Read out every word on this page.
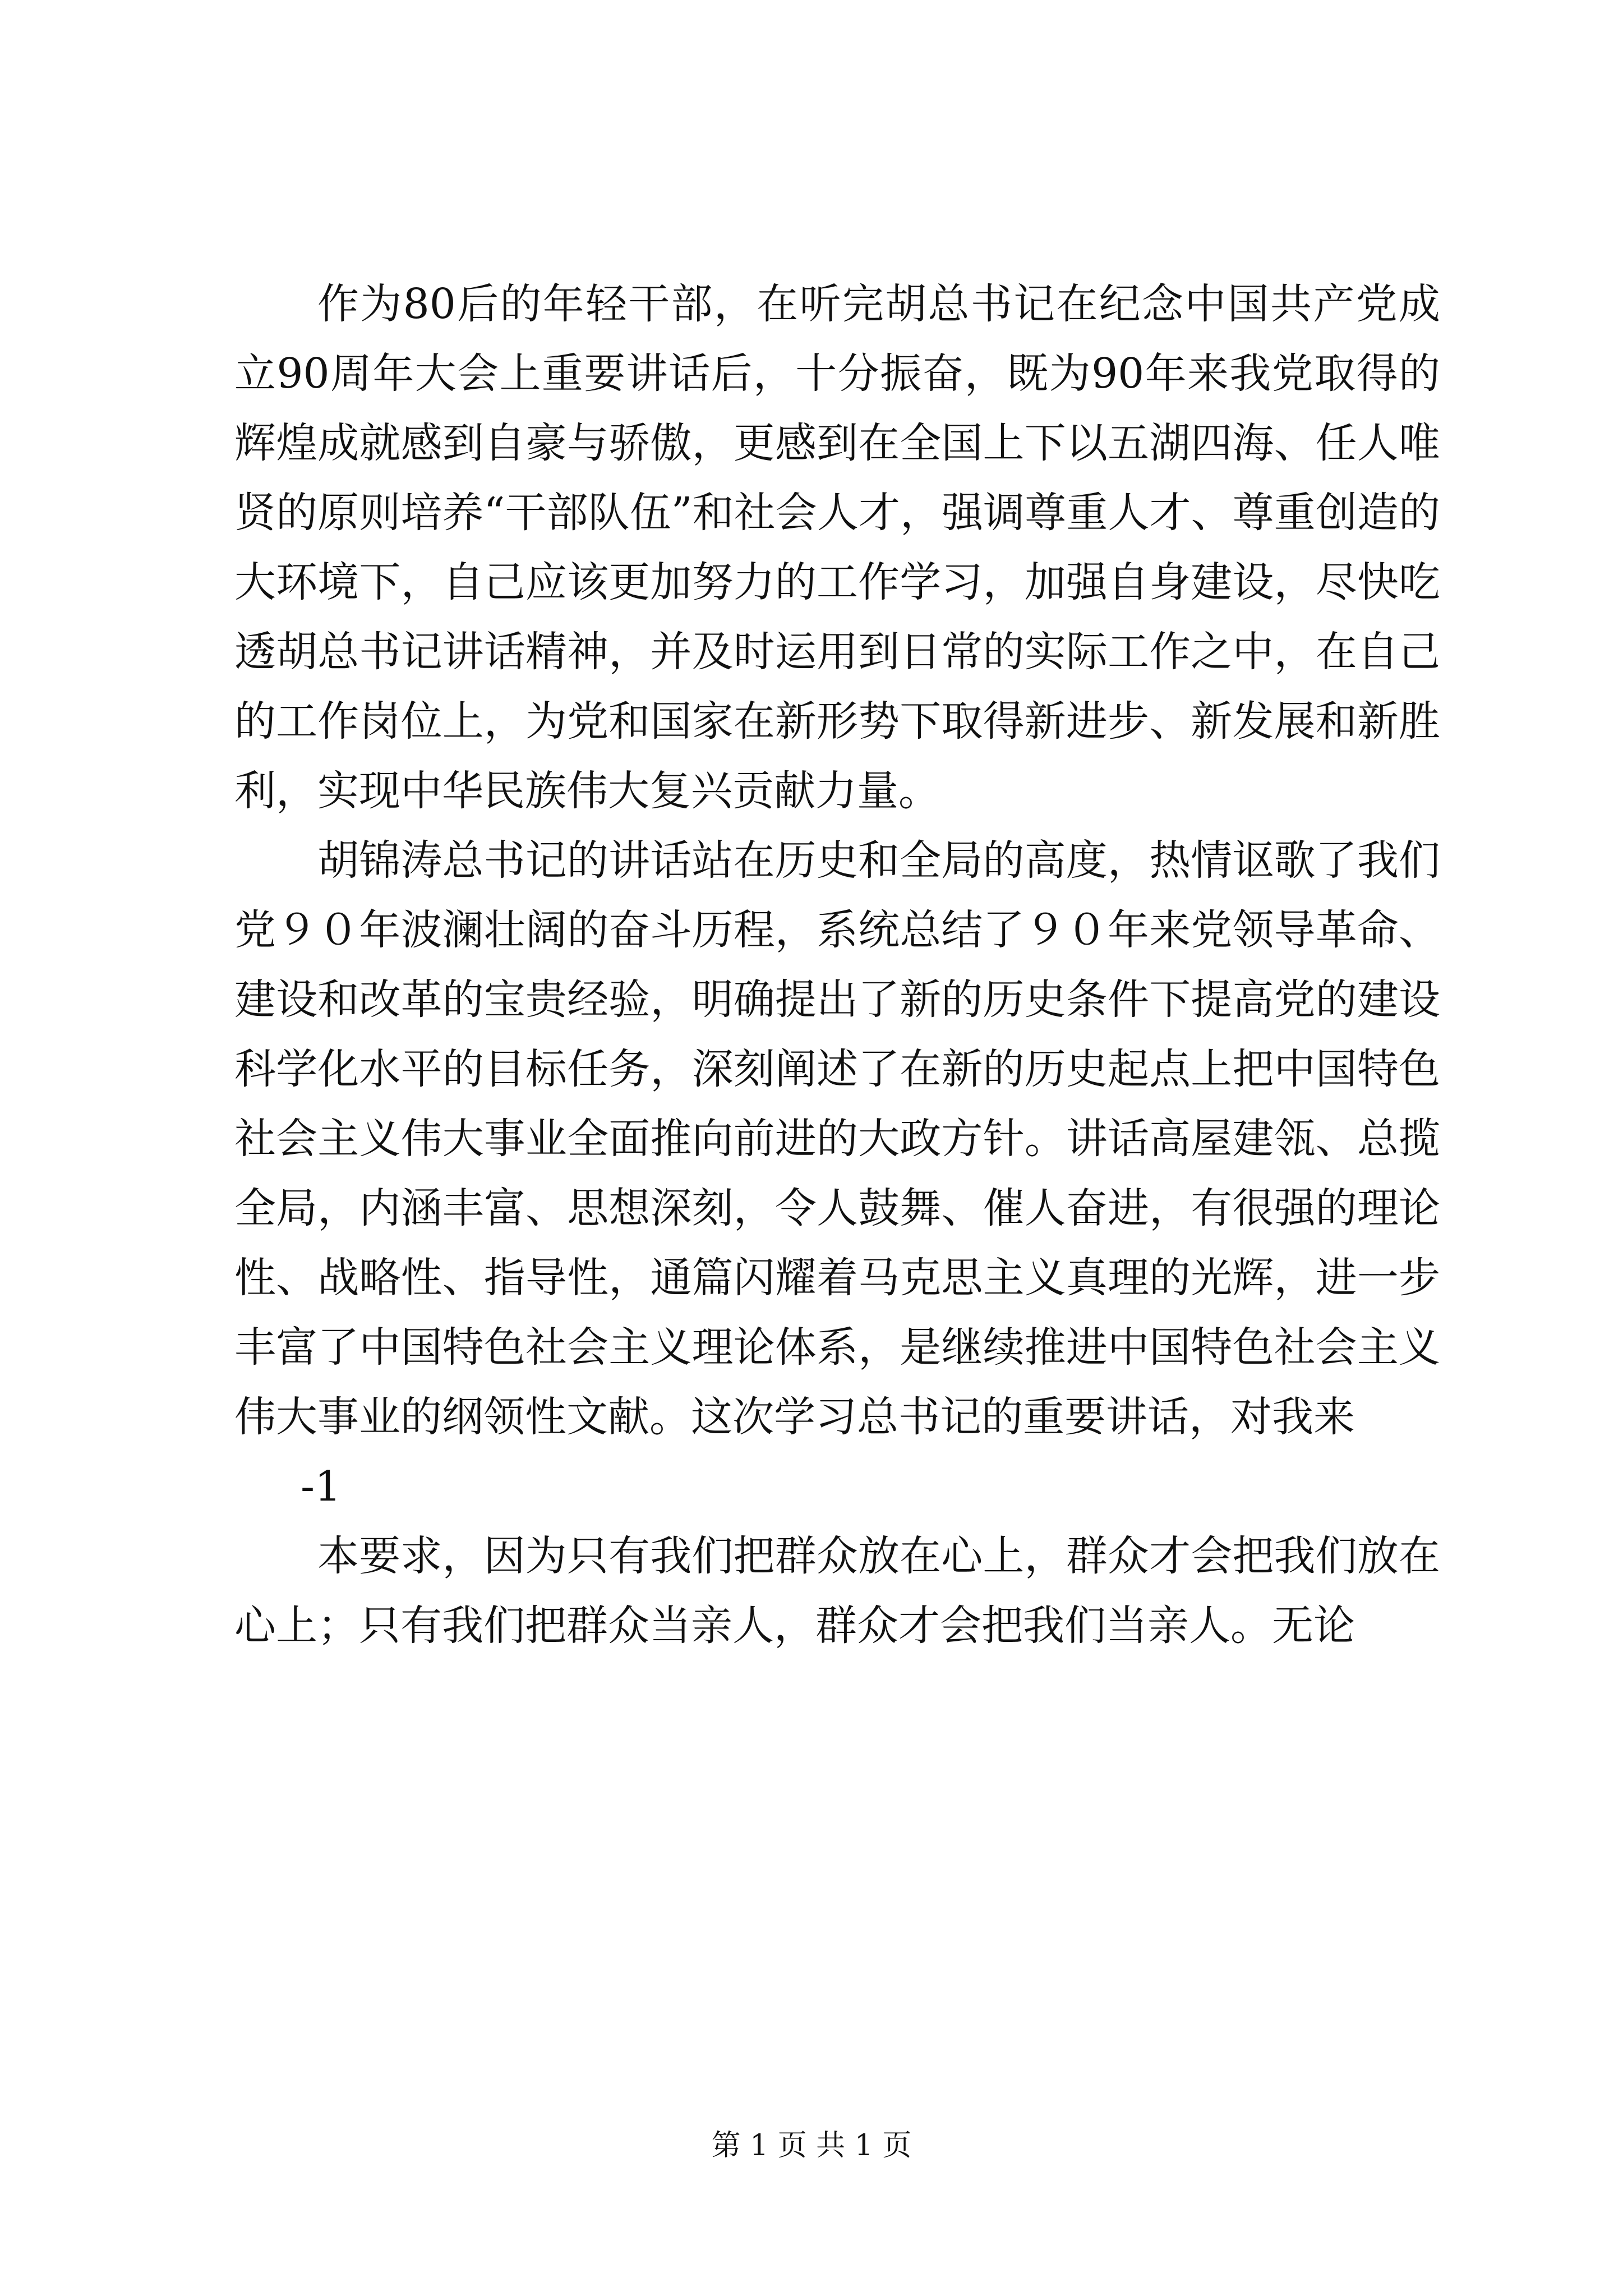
作为80后的年轻干部，在听完胡总书记在纪念中国共产党成立90周年大会上重要讲话后，十分振奋，既为90年来我党取得的辉煌成就感到自豪与骄傲，更感到在全国上下以五湖四海、任人唯贤的原则培养“干部队伍”和社会人才，强调尊重人才、尊重创造的大环境下，自己应该更加努力的工作学习，加强自身建设，尽快吃透胡总书记讲话精神，并及时运用到日常的实际工作之中，在自己的工作岗位上，为党和国家在新形势下取得新进步、新发展和新胜利，实现中华民族伟大复兴贡献力量。

胡锦涛总书记的讲话站在历史和全局的高度，热情讴歌了我们党９０年波澜壮阔的奋斗历程，系统总结了９０年来党领导革命、建设和改革的宝贵经验，明确提出了新的历史条件下提高党的建设科学化水平的目标任务，深刻阐述了在新的历史起点上把中国特色社会主义伟大事业全面推向前进的大政方针。讲话高屋建瓴、总揽全局，内涵丰富、思想深刻，令人鼓舞、催人奋进，有很强的理论性、战略性、指导性，通篇闪耀着马克思主义真理的光辉，进一步丰富了中国特色社会主义理论体系，是继续推进中国特色社会主义伟大事业的纲领性文献。这次学习总书记的重要讲话，对我来

-1

本要求，因为只有我们把群众放在心上，群众才会把我们放在心上；只有我们把群众当亲人，群众才会把我们当亲人。无论

第 1 页 共 1 页
